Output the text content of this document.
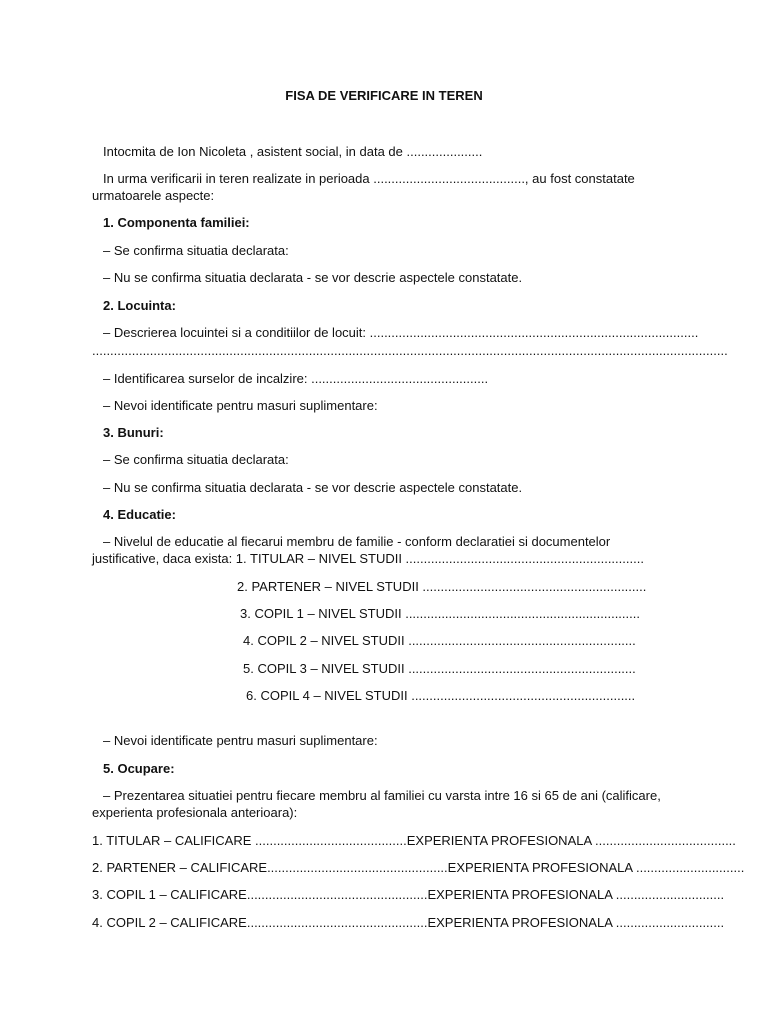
FISA DE VERIFICARE IN TEREN
Intocmita de Ion Nicoleta , asistent social, in data de .....................
In urma verificarii in teren realizate in perioada .........................................., au fost constatate
urmatoarele aspecte:
1. Componenta familiei:
– Se confirma situatia declarata:
– Nu se confirma situatia declarata - se vor descrie aspectele constatate.
2. Locuinta:
– Descrierea locuintei si a conditiilor de locuit: ...........................................................................................
................................................................................................................................................................................
– Identificarea surselor de incalzire: .................................................
– Nevoi identificate pentru masuri suplimentare:
3. Bunuri:
– Se confirma situatia declarata:
– Nu se confirma situatia declarata - se vor descrie aspectele constatate.
4. Educatie:
– Nivelul de educatie al fiecarui membru de familie - conform declaratiei si documentelor
justificative, daca exista: 1. TITULAR – NIVEL STUDII ..................................................................
2. PARTENER – NIVEL STUDII ..............................................................
3. COPIL 1 – NIVEL STUDII .................................................................
4. COPIL 2 – NIVEL STUDII ...............................................................
5. COPIL 3 – NIVEL STUDII ...............................................................
6. COPIL 4 – NIVEL STUDII ..............................................................
– Nevoi identificate pentru masuri suplimentare:
5. Ocupare:
– Prezentarea situatiei pentru fiecare membru al familiei cu varsta intre 16 si 65 de ani (calificare,
experienta profesionala anterioara):
1. TITULAR – CALIFICARE ..........................................EXPERIENTA PROFESIONALA .......................................
2. PARTENER – CALIFICARE..................................................EXPERIENTA PROFESIONALA ..............................
3. COPIL 1 – CALIFICARE..................................................EXPERIENTA PROFESIONALA ..............................
4. COPIL 2 – CALIFICARE..................................................EXPERIENTA PROFESIONALA ..............................
